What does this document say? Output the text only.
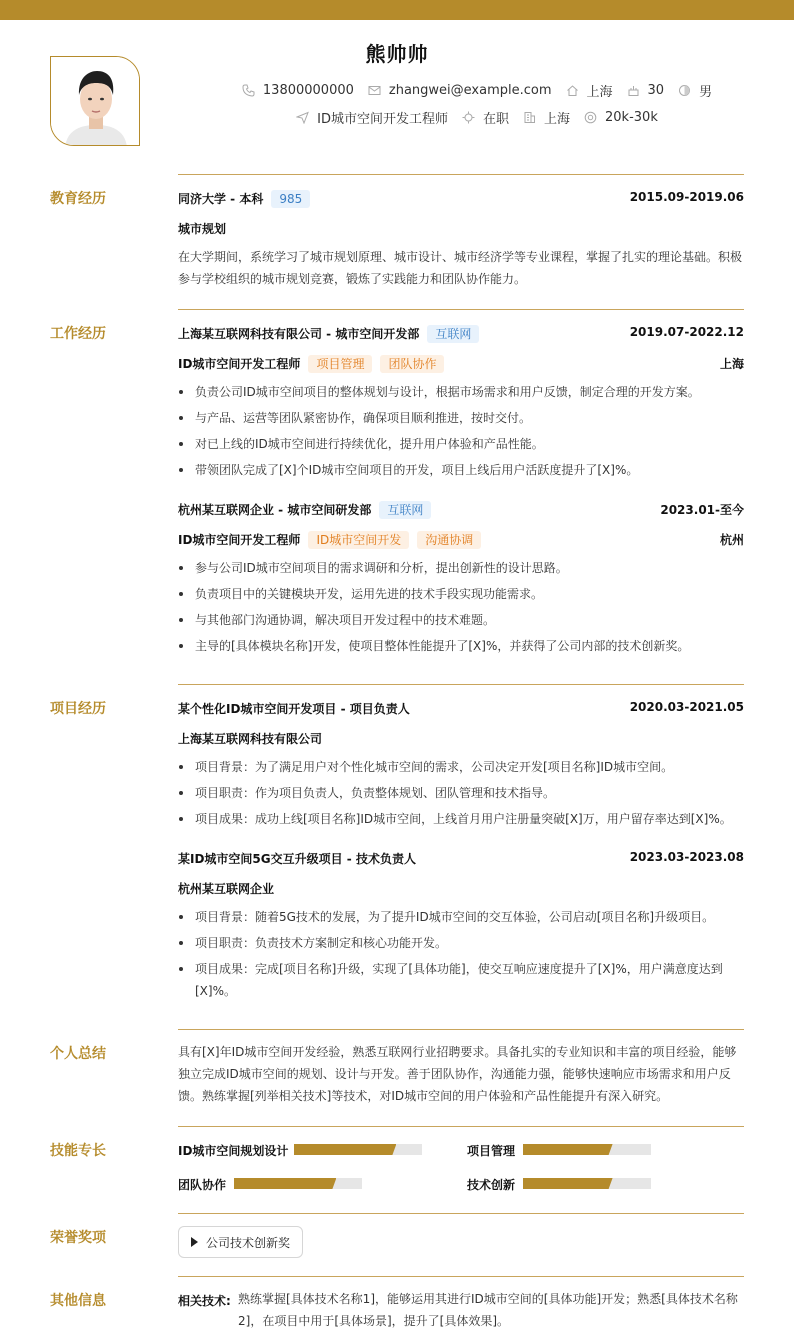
熊帅帅
13800000000	zhangwei@example.com	上海	30	男
ID城市空间开发工程师	在职	上海	20k-30k
教育经历	同济大学 - 本科 985	2015.09-2019.06
城市规划
在大学期间，系统学习了城市规划原理、城市设计、城市经济学等专业课程，掌握了扎实的理论基础。积极参与学校组织的城市规划竞赛，锻炼了实践能力和团队协作能力。
工作经历	上海某互联网科技有限公司 - 城市空间开发部 互联网	2019.07-2022.12
ID城市空间开发工程师 项目管理 团队协作	上海
负责公司ID城市空间项目的整体规划与设计，根据市场需求和用户反馈，制定合理的开发方案。
与产品、运营等团队紧密协作，确保项目顺利推进，按时交付。
对已上线的ID城市空间进行持续优化，提升用户体验和产品性能。
带领团队完成了[X]个ID城市空间项目的开发，项目上线后用户活跃度提升了[X]%。
杭州某互联网企业 - 城市空间研发部 互联网	2023.01-至今
ID城市空间开发工程师 ID城市空间开发 沟通协调	杭州
参与公司ID城市空间项目的需求调研和分析，提出创新性的设计思路。
负责项目中的关键模块开发，运用先进的技术手段实现功能需求。
与其他部门沟通协调，解决项目开发过程中的技术难题。
主导的[具体模块名称]开发，使项目整体性能提升了[X]%，并获得了公司内部的技术创新奖。
项目经历	某个性化ID城市空间开发项目 - 项目负责人	2020.03-2021.05
上海某互联网科技有限公司
项目背景：为了满足用户对个性化城市空间的需求，公司决定开发[项目名称]ID城市空间。
项目职责：作为项目负责人，负责整体规划、团队管理和技术指导。
项目成果：成功上线[项目名称]ID城市空间，上线首月用户注册量突破[X]万，用户留存率达到[X]%。
某ID城市空间5G交互升级项目 - 技术负责人	2023.03-2023.08
杭州某互联网企业
项目背景：随着5G技术的发展，为了提升ID城市空间的交互体验，公司启动[项目名称]升级项目。
项目职责：负责技术方案制定和核心功能开发。
项目成果：完成[项目名称]升级，实现了[具体功能]，使交互响应速度提升了[X]%，用户满意度达到[X]%。
个人总结	具有[X]年ID城市空间开发经验，熟悉互联网行业招聘要求。具备扎实的专业知识和丰富的项目经验，能够独立完成ID城市空间的规划、设计与开发。善于团队协作，沟通能力强，能够快速响应市场需求和用户反馈。熟练掌握[列举相关技术]等技术，对ID城市空间的用户体验和产品性能提升有深入研究。
技能专长	ID城市空间规划设计	项目管理
团队协作	技术创新
荣誉奖项	公司技术创新奖
其他信息	相关技术: 熟练掌握[具体技术名称1]，能够运用其进行ID城市空间的[具体功能]开发；熟悉[具体技术名称2]，在项目中用于[具体场景]，提升了[具体效果]。
